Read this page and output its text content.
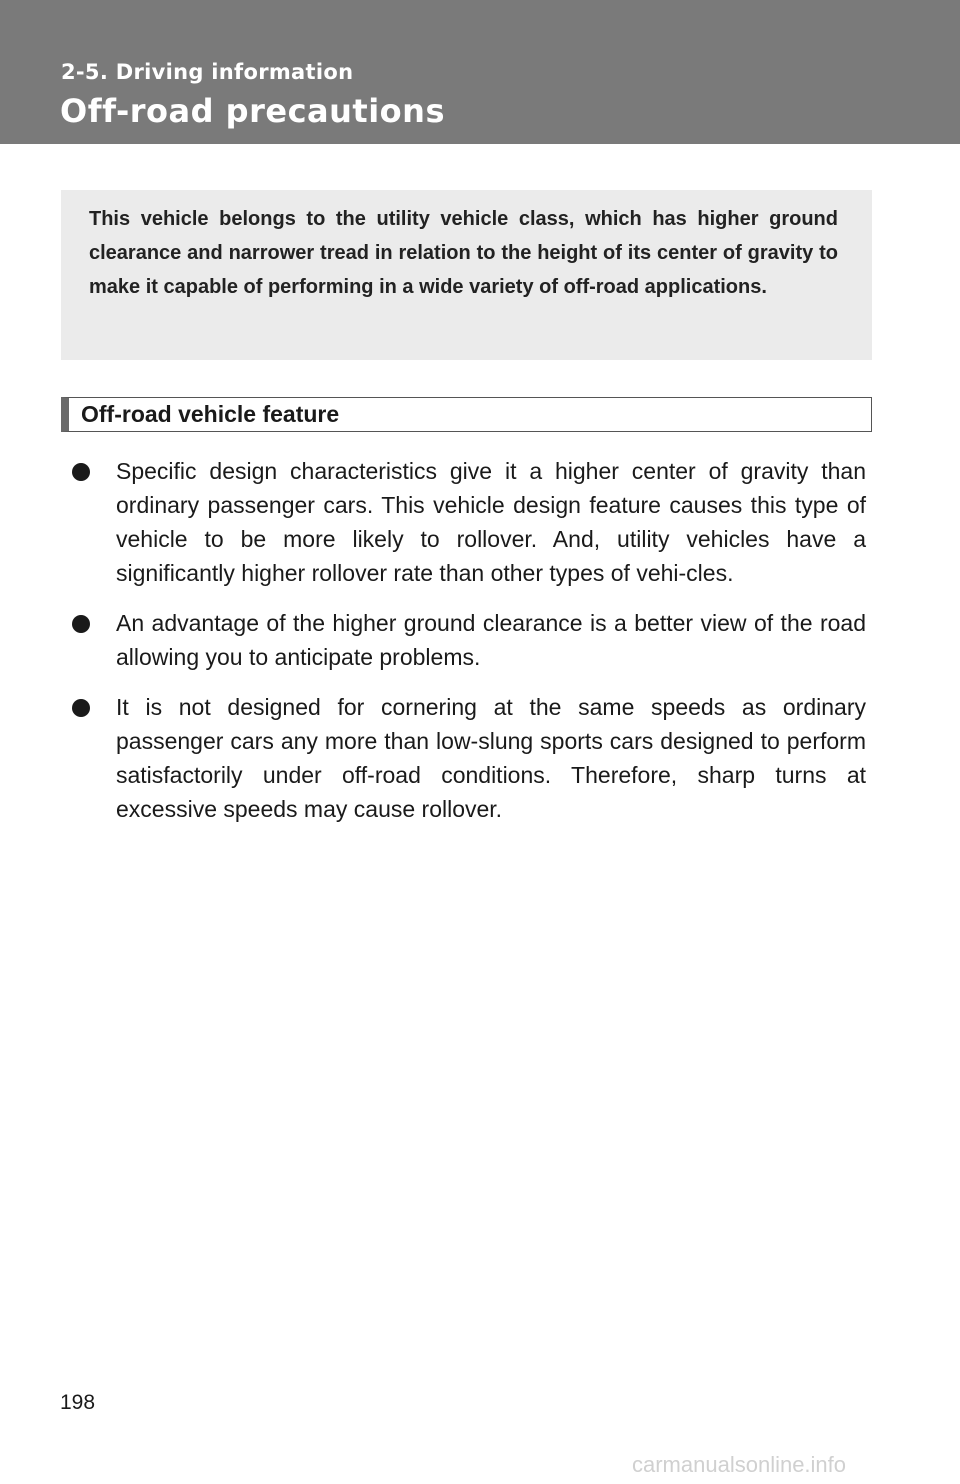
2-5. Driving information
Off-road precautions

This vehicle belongs to the utility vehicle class, which has higher ground clearance and narrower tread in relation to the height of its center of gravity to make it capable of performing in a wide variety of off-road applications.

Off-road vehicle feature
Specific design characteristics give it a higher center of gravity than ordinary passenger cars. This vehicle design feature causes this type of vehicle to be more likely to rollover. And, utility vehicles have a significantly higher rollover rate than other types of vehi-cles.
An advantage of the higher ground clearance is a better view of the road allowing you to anticipate problems.
It is not designed for cornering at the same speeds as ordinary passenger cars any more than low-slung sports cars designed to perform satisfactorily under off-road conditions. Therefore, sharp turns at excessive speeds may cause rollover.
198
carmanualsonline.info
